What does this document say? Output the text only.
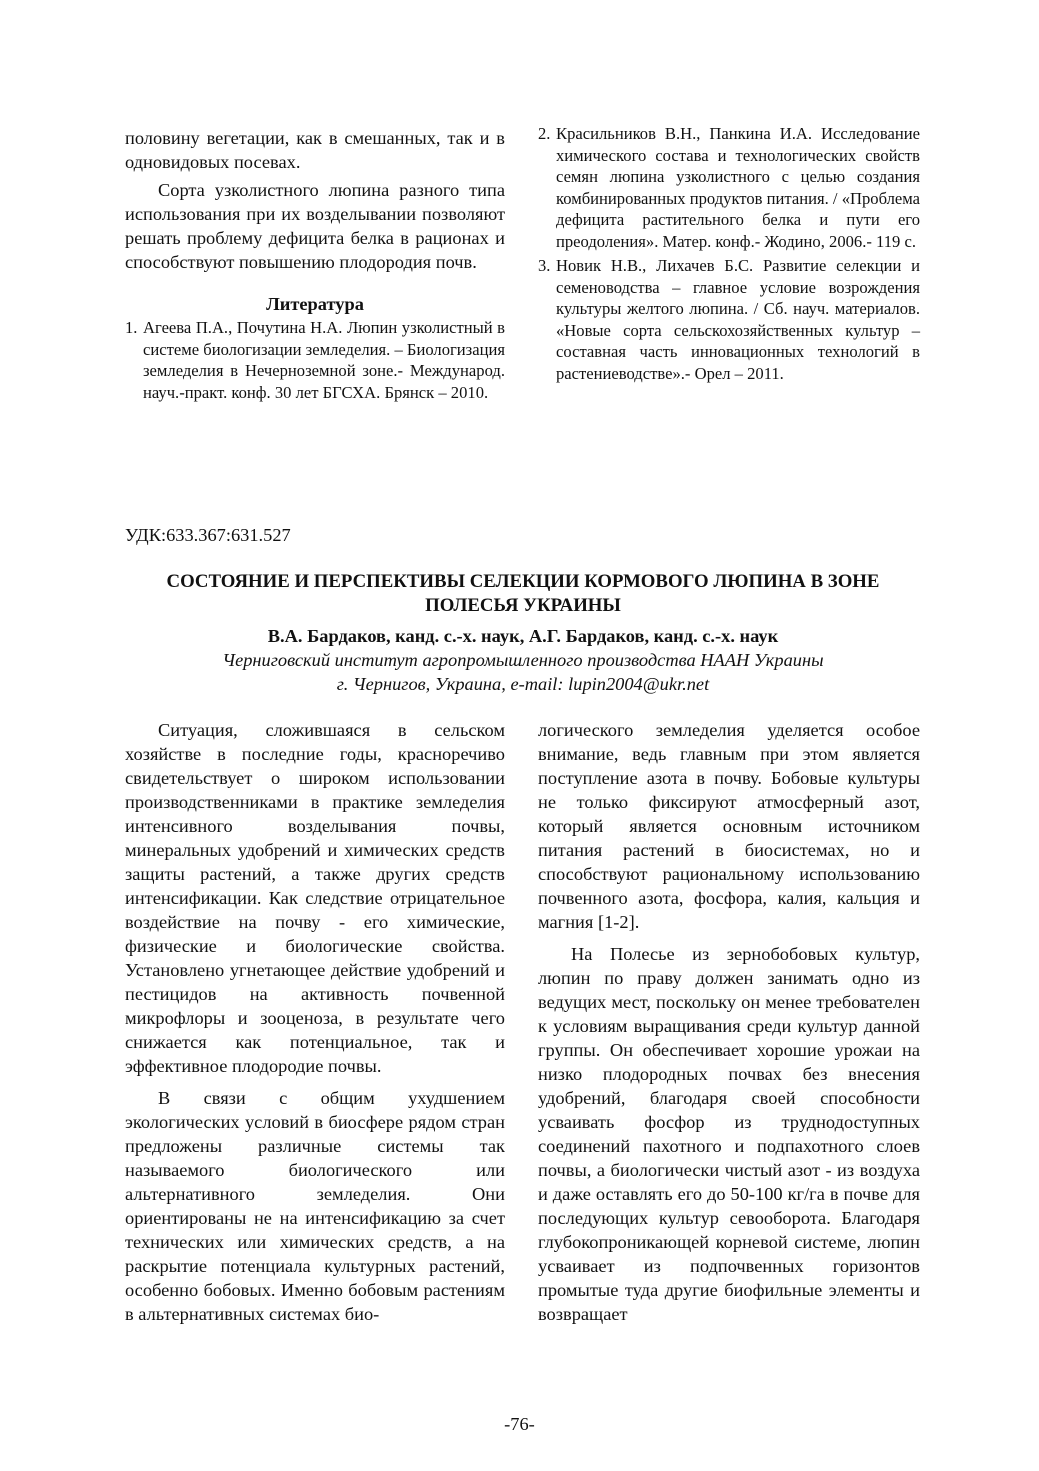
половину вегетации, как в смешанных, так и в одновидовых посевах.

Сорта узколистного люпина разного типа использования при их возделывании позволяют решать проблему дефицита белка в рационах и способствуют повышению плодородия почв.

Литература

1. Агеева П.А., Почутина Н.А. Люпин узколистный в системе биологизации земледелия. – Биологизация земледелия в Нечерноземной зоне.- Международ. науч.-практ. конф. 30 лет БГСХА. Брянск – 2010.
2. Красильников В.Н., Панкина И.А. Исследование химического состава и технологических свойств семян люпина узколистного с целью создания комбинированных продуктов питания. / «Проблема дефицита растительного белка и пути его преодоления». Матер. конф.- Жодино, 2006.- 119 с.
3. Новик Н.В., Лихачев Б.С. Развитие селекции и семеноводства – главное условие возрождения культуры желтого люпина. / Сб. науч. материалов. «Новые сорта сельскохозяйственных культур – составная часть инновационных технологий в растениеводстве».- Орел – 2011.
УДК:633.367:631.527

СОСТОЯНИЕ И ПЕРСПЕКТИВЫ СЕЛЕКЦИИ КОРМОВОГО ЛЮПИНА В ЗОНЕ ПОЛЕСЬЯ УКРАИНЫ

В.А. Бардаков, канд. с.-х. наук, А.Г. Бардаков, канд. с.-х. наук

Черниговский институт агропромышленного производства НААН Украины

г. Чернигов, Украина, e-mail: lupin2004@ukr.net

Ситуация, сложившаяся в сельском хозяйстве в последние годы, красноречиво свидетельствует о широком использовании производственниками в практике земледелия интенсивного возделывания почвы, минеральных удобрений и химических средств защиты растений, а также других средств интенсификации. Как следствие отрицательное воздействие на почву - его химические, физические и биологические свойства. Установлено угнетающее действие удобрений и пестицидов на активность почвенной микрофлоры и зооценоза, в результате чего снижается как потенциальное, так и эффективное плодородие почвы.

В связи с общим ухудшением экологических условий в биосфере рядом стран предложены различные системы так называемого биологического или альтернативного земледелия. Они ориентированы не на интенсификацию за счет технических или химических средств, а на раскрытие потенциала культурных растений, особенно бобовых. Именно бобовым растениям в альтернативных системах био-

логического земледелия уделяется особое внимание, ведь главным при этом является поступление азота в почву. Бобовые культуры не только фиксируют атмосферный азот, который является основным источником питания растений в биосистемах, но и способствуют рациональному использованию почвенного азота, фосфора, калия, кальция и магния [1-2].

На Полесье из зернобобовых культур, люпин по праву должен занимать одно из ведущих мест, поскольку он менее требователен к условиям выращивания среди культур данной группы. Он обеспечивает хорошие урожаи на низко плодородных почвах без внесения удобрений, благодаря своей способности усваивать фосфор из труднодоступных соединений пахотного и подпахотного слоев почвы, а биологически чистый азот - из воздуха и даже оставлять его до 50-100 кг/га в почве для последующих культур севооборота. Благодаря глубокопроникающей корневой системе, люпин усваивает из подпочвенных горизонтов промытые туда другие биофильные элементы и возвращает

-76-
